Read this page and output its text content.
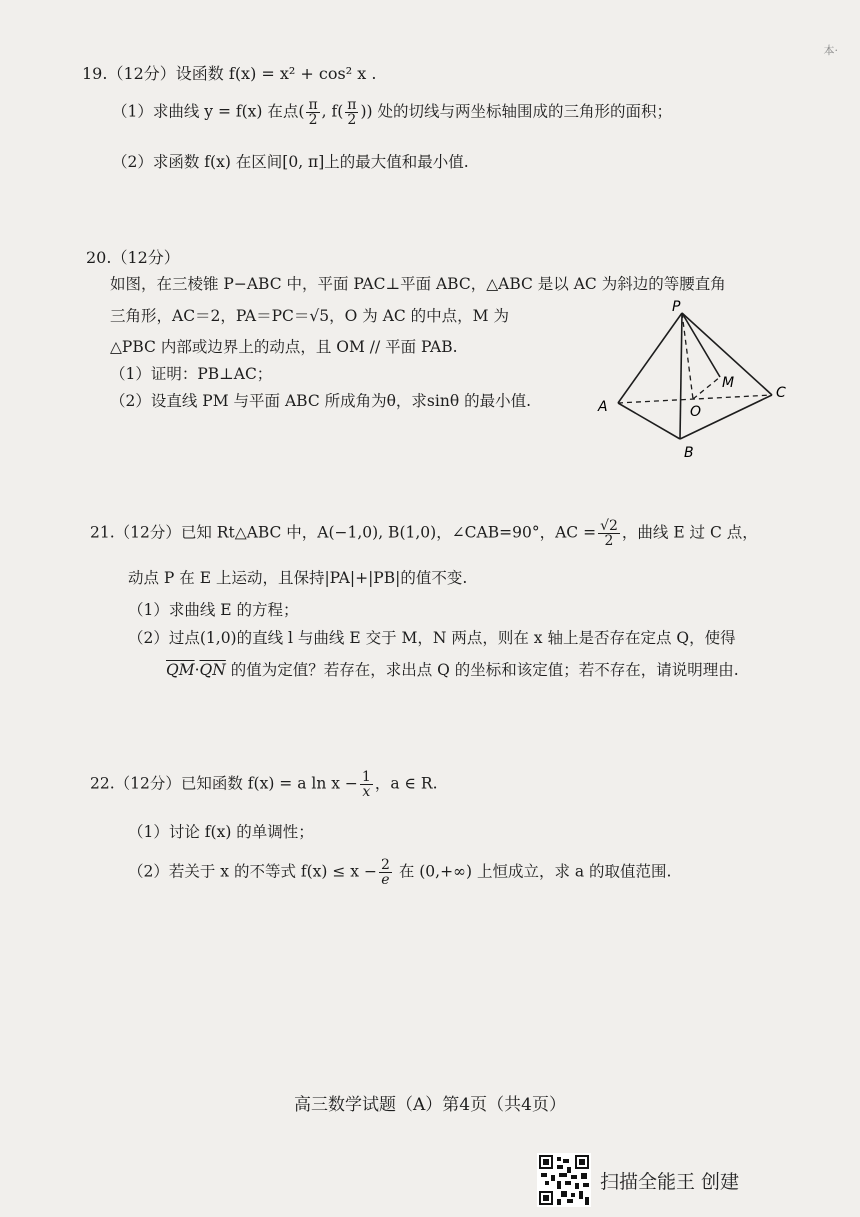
本·
19.（12分）设函数 f(x) = x² + cos² x .
（1）求曲线 y = f(x) 在点( $\frac{\pi}{2}$ , $f( \frac{\pi}{2}$ )) 处的切线与两坐标轴围成的三角形的面积；
（2）求函数 f(x) 在区间[0, π]上的最大值和最小值.
20.（12分）
如图，在三棱锥 P−ABC 中，平面 PAC⊥平面 ABC，△ABC 是以 AC 为斜边的等腰直角
三角形，AC＝2，PA＝PC＝√5，O 为 AC 的中点，M 为
△PBC 内部或边界上的动点，且 OM // 平面 PAB.
（1）证明：PB⊥AC；
（2）设直线 PM 与平面 ABC 所成角为θ，求sinθ 的最小值.
P
A
B
C
O
M
21.（12分）已知 Rt△ABC 中，A(−1,0), B(1,0)，∠CAB=90°，AC = $\frac{√2}{2}$ ，曲线 E 过 C 点，
动点 P 在 E 上运动，且保持|PA|+|PB|的值不变.
（1）求曲线 E 的方程；
（2）过点(1,0)的直线 l 与曲线 E 交于 M，N 两点，则在 x 轴上是否存在定点 Q，使得
$\overline{QM}\cdot\overline{QN}$ 的值为定值？若存在，求出点 Q 的坐标和该定值；若不存在，请说明理由.
22.（12分）已知函数 f(x) = a $\ln x - \frac{1}{x}$ ，a ∈ R.
（1）讨论 f(x) 的单调性；
（2）若关于 x 的不等式 $f(x) \le x - \frac{2}{e}$ 在 (0,+∞) 上恒成立，求 a 的取值范围.
高三数学试题（A）第4页（共4页）
扫描全能王 创建
